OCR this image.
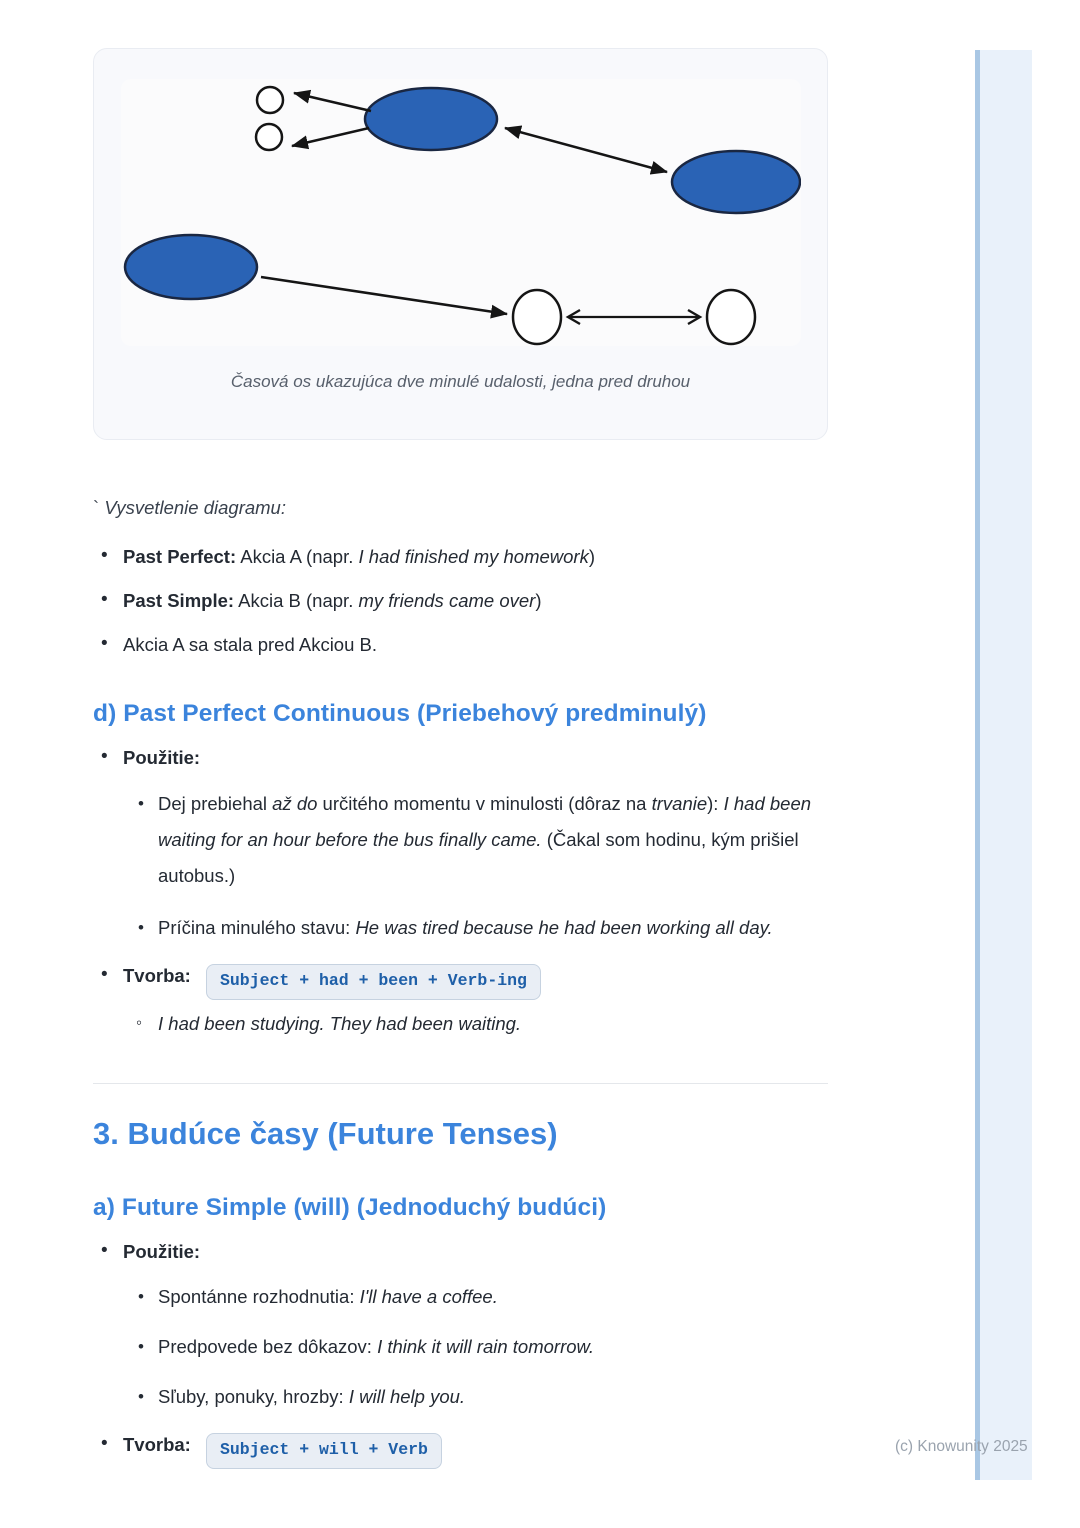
(c) Knowunity 2025
Časová os ukazujúca dve minulé udalosti, jedna pred druhou
` Vysvetlenie diagramu:
• Past Perfect: Akcia A (napr. I had finished my homework)
• Past Simple: Akcia B (napr. my friends came over)
• Akcia A sa stala pred Akciou B.
d) Past Perfect Continuous (Priebehový predminulý)
• Použitie:
• Dej prebiehal až do určitého momentu v minulosti (dôraz na trvanie): I had been waiting for an hour before the bus finally came. (Čakal som hodinu, kým prišiel autobus.)
• Príčina minulého stavu: He was tired because he had been working all day.
• Tvorba: Subject + had + been + Verb-ing
◦ I had been studying. They had been waiting.
3. Budúce časy (Future Tenses)
a) Future Simple (will) (Jednoduchý budúci)
• Použitie:
• Spontánne rozhodnutia: I'll have a coffee.
• Predpovede bez dôkazov: I think it will rain tomorrow.
• Sľuby, ponuky, hrozby: I will help you.
• Tvorba: Subject + will + Verb
